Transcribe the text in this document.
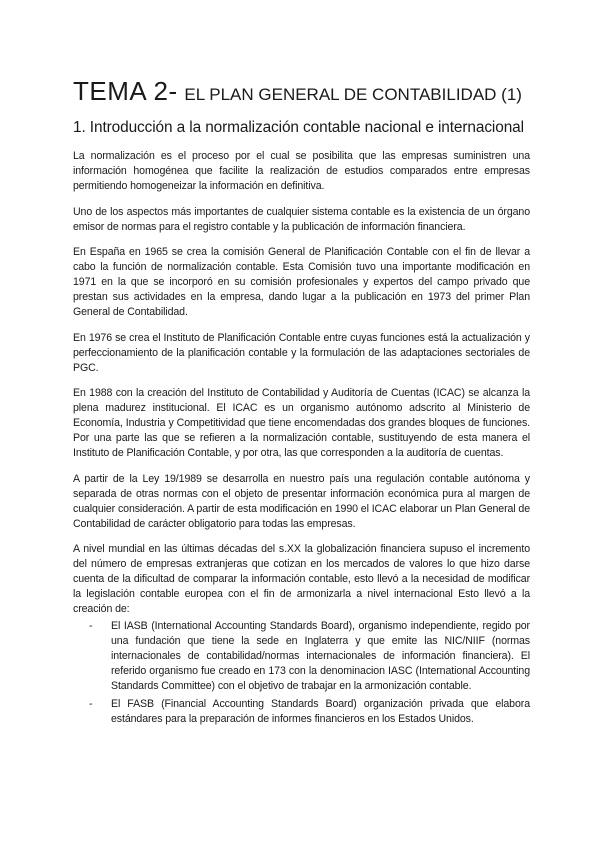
TEMA 2- EL PLAN GENERAL DE CONTABILIDAD (1)
1. Introducción a la normalización contable nacional e internacional

La normalización es el proceso por el cual se posibilita que las empresas suministren una información homogénea que facilite la realización de estudios comparados entre empresas permitiendo homogeneizar la información en definitiva.

Uno de los aspectos más importantes de cualquier sistema contable es la existencia de un órgano emisor de normas para el registro contable y la publicación de información financiera.

En España en 1965 se crea la comisión General de Planificación Contable con el fin de llevar a cabo la función de normalización contable. Esta Comisión tuvo una importante modificación en 1971 en la que se incorporó en su comisión profesionales y expertos del campo privado que prestan sus actividades en la empresa, dando lugar a la publicación en 1973 del primer Plan General de Contabilidad.

En 1976 se crea el Instituto de Planificación Contable entre cuyas funciones está la actualización y perfeccionamiento de la planificación contable y la formulación de las adaptaciones sectoriales de PGC.

En 1988 con la creación del Instituto de Contabilidad y Auditoría de Cuentas (ICAC) se alcanza la plena madurez institucional. El ICAC es un organismo autónomo adscrito al Ministerio de Economía, Industria y Competitividad que tiene encomendadas dos grandes bloques de funciones. Por una parte las que se refieren a la normalización contable, sustituyendo de esta manera el Instituto de Planificación Contable, y por otra, las que corresponden a la auditoría de cuentas.

A partir de la Ley 19/1989 se desarrolla en nuestro país una regulación contable autónoma y separada de otras normas con el objeto de presentar información económica pura al margen de cualquier consideración. A partir de esta modificación en 1990 el ICAC elaborar un Plan General de Contabilidad de carácter obligatorio para todas las empresas.

A nivel mundial en las últimas décadas del s.XX la globalización financiera supuso el incremento del número de empresas extranjeras que cotizan en los mercados de valores lo que hizo darse cuenta de la dificultad de comparar la información contable, esto llevó a la necesidad de modificar la legislación contable europea con el fin de armonizarla a nivel internacional Esto llevó a la creación de:

- El IASB (International Accounting Standards Board), organismo independiente, regido por una fundación que tiene la sede en Inglaterra y que emite las NIC/NIIF (normas internacionales de contabilidad/normas internacionales de información financiera). El referido organismo fue creado en 173 con la denominacion IASC (International Accounting Standards Committee) con el objetivo de trabajar en la armonización contable.
- El FASB (Financial Accounting Standards Board) organización privada que elabora estándares para la preparación de informes financieros en los Estados Unidos.
